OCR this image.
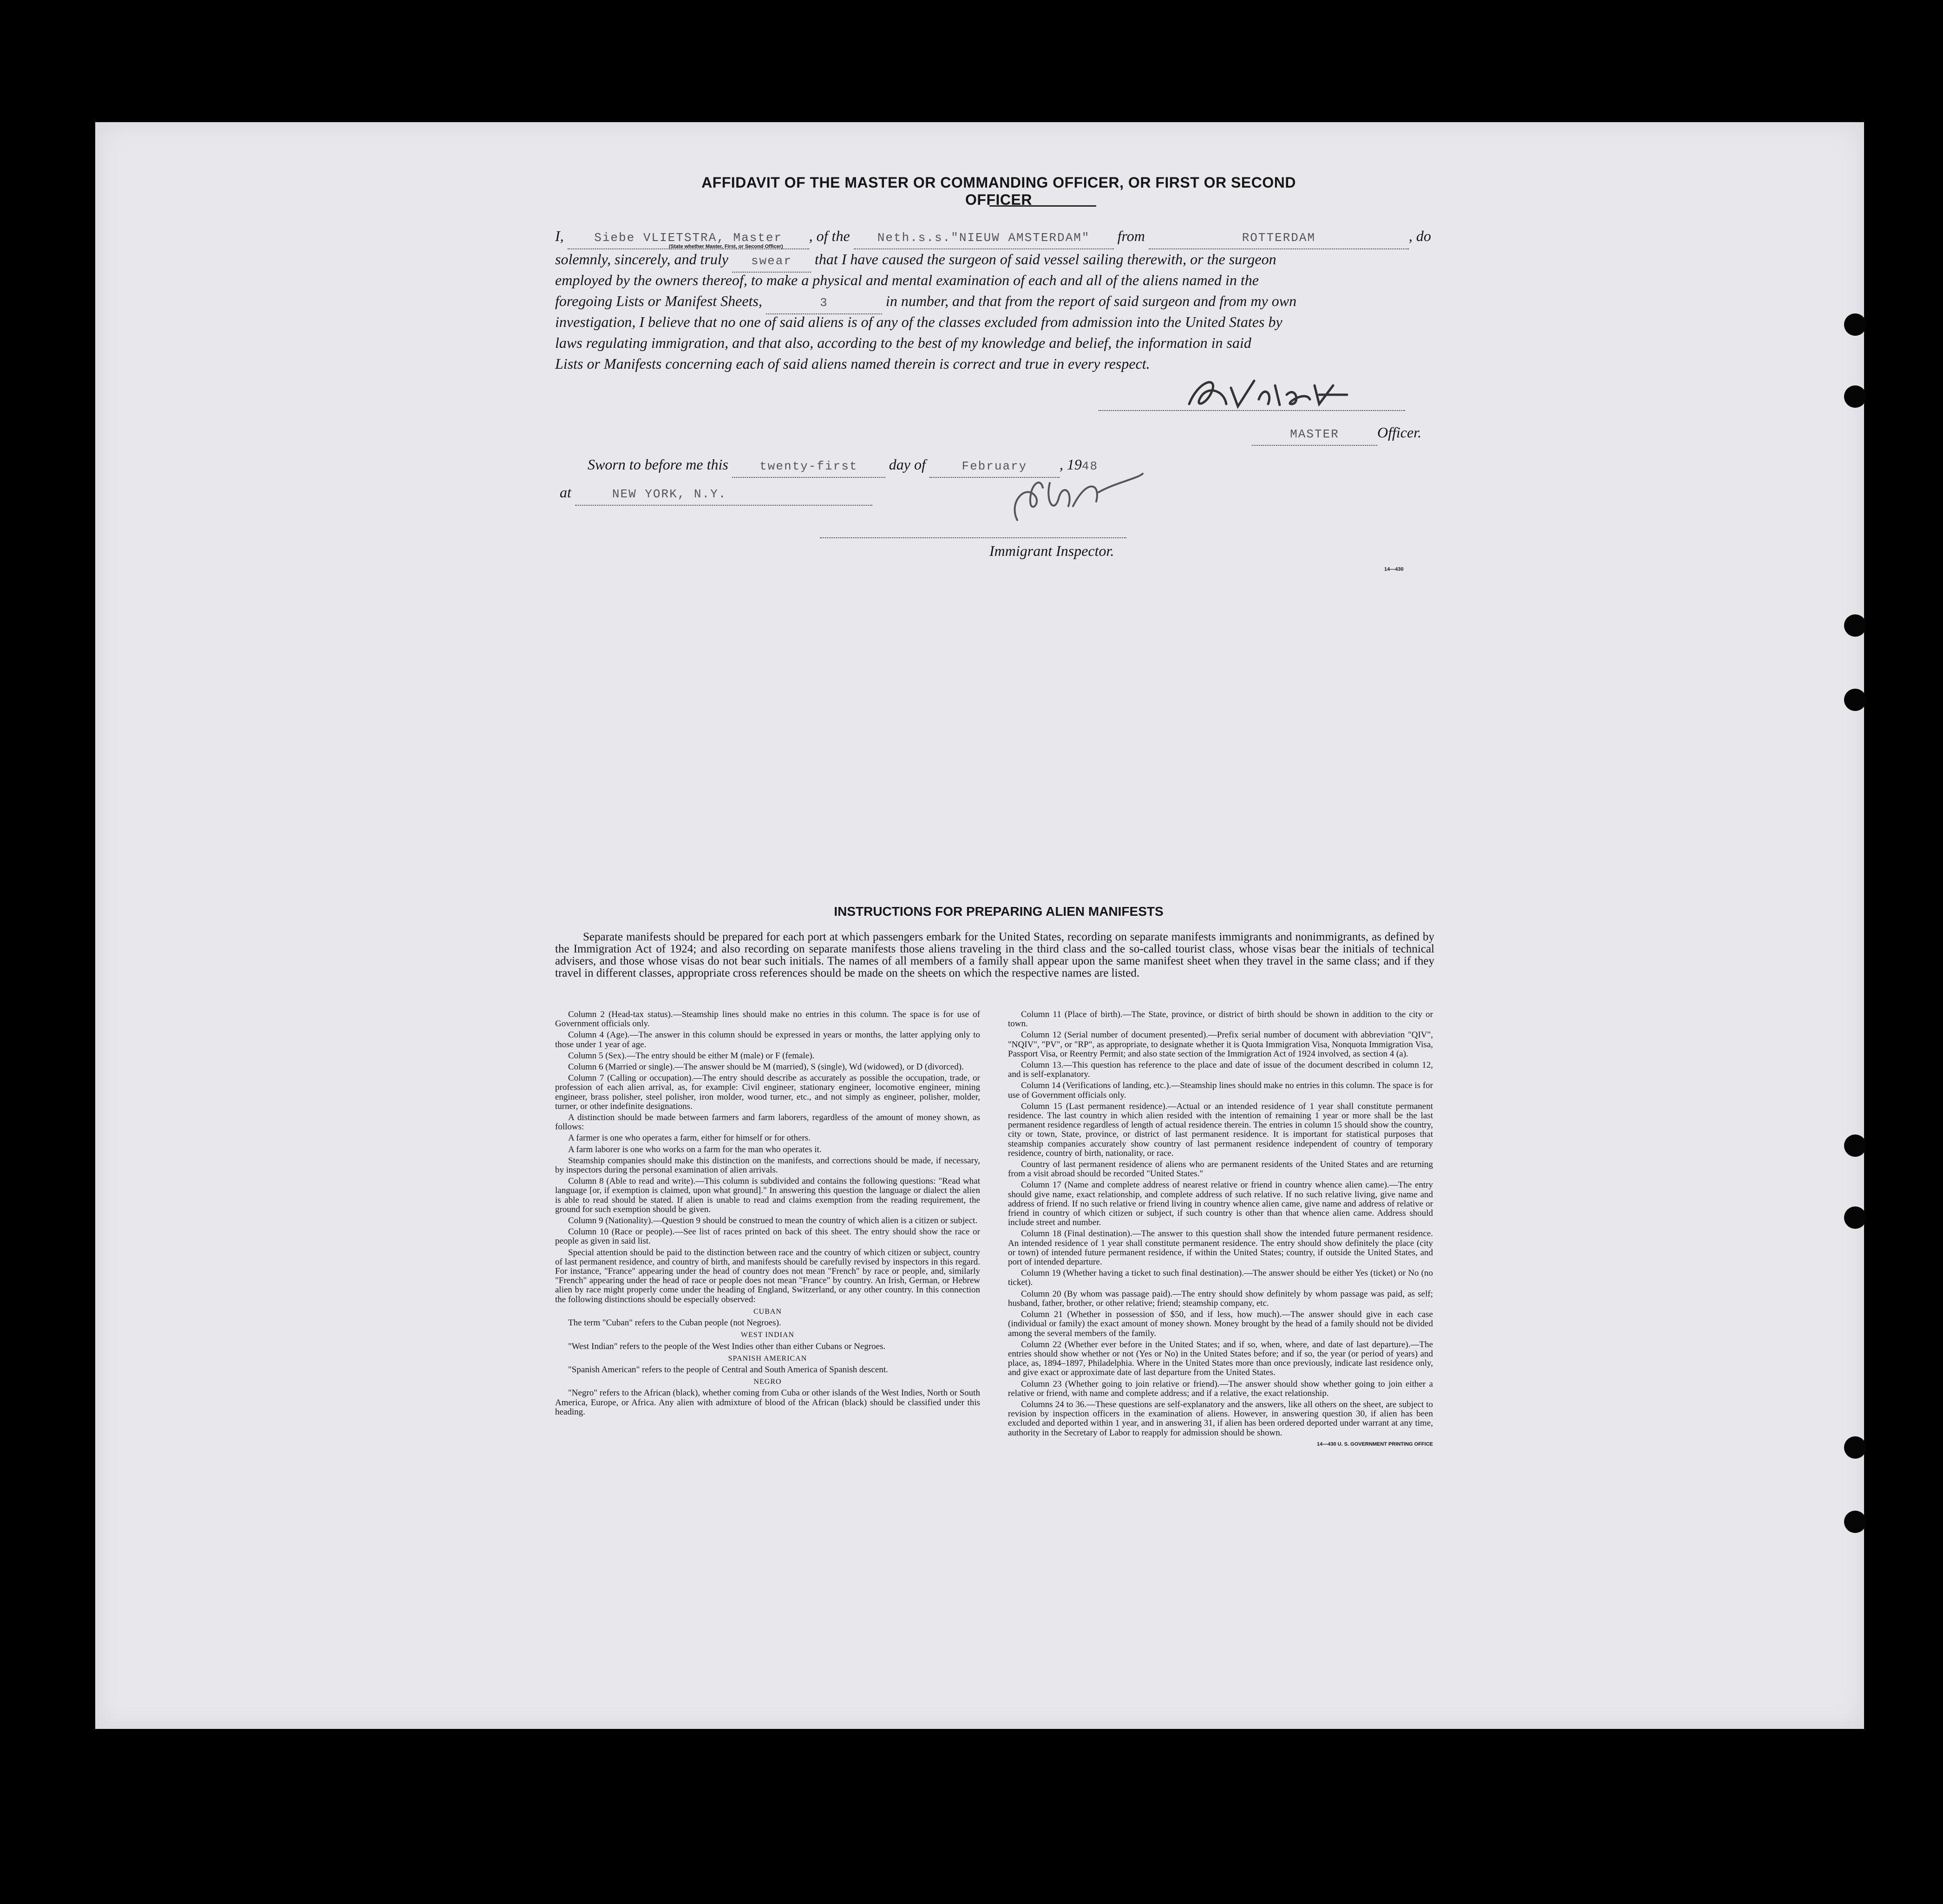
AFFIDAVIT OF THE MASTER OR COMMANDING OFFICER, OR FIRST OR SECOND OFFICER
I,	Siebe VLIETSTRA, Master , of the Neth.s.s."NIEUW AMSTERDAM" from	ROTTERDAM	, do
(State whether Master, First, or Second Officer)
solemnly, sincerely, and truly swear that I have caused the surgeon of said vessel sailing therewith, or the surgeon
employed by the owners thereof, to make a physical and mental examination of each and all of the aliens named in the
foregoing Lists or Manifest Sheets,	3	in number, and that from the report of said surgeon and from my own
investigation, I believe that no one of said aliens is of any of the classes excluded from admission into the United States by
laws regulating immigration, and that also, according to the best of my knowledge and belief, the information in said
Lists or Manifests concerning each of said aliens named therein is correct and true in every respect.
MASTER	Officer.
Sworn to before me this	twenty-first day of	February , 1948
at	NEW YORK, N.Y.
Immigrant Inspector.
14—430
INSTRUCTIONS FOR PREPARING ALIEN MANIFESTS
Separate manifests should be prepared for each port at which passengers embark for the United States, recording on separate manifests immigrants and nonimmigrants, as defined by the Immigration Act of 1924; and also recording on separate manifests those aliens traveling in the third class and the so-called tourist class, whose visas bear the initials of technical advisers, and those whose visas do not bear such initials. The names of all members of a family shall appear upon the same manifest sheet when they travel in the same class; and if they travel in different classes, appropriate cross references should be made on the sheets on which the respective names are listed.

Column 2 (Head-tax status).—Steamship lines should make no entries in this column. The space is for use of Government officials only.

Column 4 (Age).—The answer in this column should be expressed in years or months, the latter applying only to those under 1 year of age.

Column 5 (Sex).—The entry should be either M (male) or F (female).

Column 6 (Married or single).—The answer should be M (married), S (single), Wd (widowed), or D (divorced).

Column 7 (Calling or occupation).—The entry should describe as accurately as possible the occupation, trade, or profession of each alien arrival, as, for example: Civil engineer, stationary engineer, locomotive engineer, mining engineer, brass polisher, steel polisher, iron molder, wood turner, etc., and not simply as engineer, polisher, molder, turner, or other indefinite designations.

A distinction should be made between farmers and farm laborers, regardless of the amount of money shown, as follows:

A farmer is one who operates a farm, either for himself or for others.

A farm laborer is one who works on a farm for the man who operates it.

Steamship companies should make this distinction on the manifests, and corrections should be made, if necessary, by inspectors during the personal examination of alien arrivals.

Column 8 (Able to read and write).—This column is subdivided and contains the following questions: "Read what language [or, if exemption is claimed, upon what ground]." In answering this question the language or dialect the alien is able to read should be stated. If alien is unable to read and claims exemption from the reading requirement, the ground for such exemption should be given.

Column 9 (Nationality).—Question 9 should be construed to mean the country of which alien is a citizen or subject.

Column 10 (Race or people).—See list of races printed on back of this sheet. The entry should show the race or people as given in said list.

Special attention should be paid to the distinction between race and the country of which citizen or subject, country of last permanent residence, and country of birth, and manifests should be carefully revised by inspectors in this regard. For instance, "France" appearing under the head of country does not mean "French" by race or people, and, similarly "French" appearing under the head of race or people does not mean "France" by country. An Irish, German, or Hebrew alien by race might properly come under the heading of England, Switzerland, or any other country. In this connection the following distinctions should be especially observed:

CUBAN

The term "Cuban" refers to the Cuban people (not Negroes).

WEST INDIAN

"West Indian" refers to the people of the West Indies other than either Cubans or Negroes.

SPANISH AMERICAN

"Spanish American" refers to the people of Central and South America of Spanish descent.

NEGRO

"Negro" refers to the African (black), whether coming from Cuba or other islands of the West Indies, North or South America, Europe, or Africa. Any alien with admixture of blood of the African (black) should be classified under this heading.

Column 11 (Place of birth).—The State, province, or district of birth should be shown in addition to the city or town.

Column 12 (Serial number of document presented).—Prefix serial number of document with abbreviation "QIV", "NQIV", "PV", or "RP", as appropriate, to designate whether it is Quota Immigration Visa, Nonquota Immigration Visa, Passport Visa, or Reentry Permit; and also state section of the Immigration Act of 1924 involved, as section 4 (a).

Column 13.—This question has reference to the place and date of issue of the document described in column 12, and is self-explanatory.

Column 14 (Verifications of landing, etc.).—Steamship lines should make no entries in this column. The space is for use of Government officials only.

Column 15 (Last permanent residence).—Actual or an intended residence of 1 year shall constitute permanent residence. The last country in which alien resided with the intention of remaining 1 year or more shall be the last permanent residence regardless of length of actual residence therein. The entries in column 15 should show the country, city or town, State, province, or district of last permanent residence. It is important for statistical purposes that steamship companies accurately show country of last permanent residence independent of country of temporary residence, country of birth, nationality, or race.

Country of last permanent residence of aliens who are permanent residents of the United States and are returning from a visit abroad should be recorded "United States."

Column 17 (Name and complete address of nearest relative or friend in country whence alien came).—The entry should give name, exact relationship, and complete address of such relative. If no such relative living, give name and address of friend. If no such relative or friend living in country whence alien came, give name and address of relative or friend in country of which citizen or subject, if such country is other than that whence alien came. Address should include street and number.

Column 18 (Final destination).—The answer to this question shall show the intended future permanent residence. An intended residence of 1 year shall constitute permanent residence. The entry should show definitely the place (city or town) of intended future permanent residence, if within the United States; country, if outside the United States, and port of intended departure.

Column 19 (Whether having a ticket to such final destination).—The answer should be either Yes (ticket) or No (no ticket).

Column 20 (By whom was passage paid).—The entry should show definitely by whom passage was paid, as self; husband, father, brother, or other relative; friend; steamship company, etc.

Column 21 (Whether in possession of $50, and if less, how much).—The answer should give in each case (individual or family) the exact amount of money shown. Money brought by the head of a family should not be divided among the several members of the family.

Column 22 (Whether ever before in the United States; and if so, when, where, and date of last departure).—The entries should show whether or not (Yes or No) in the United States before; and if so, the year (or period of years) and place, as, 1894–1897, Philadelphia. Where in the United States more than once previously, indicate last residence only, and give exact or approximate date of last departure from the United States.

Column 23 (Whether going to join relative or friend).—The answer should show whether going to join either a relative or friend, with name and complete address; and if a relative, the exact relationship.

Columns 24 to 36.—These questions are self-explanatory and the answers, like all others on the sheet, are subject to revision by inspection officers in the examination of aliens. However, in answering question 30, if alien has been excluded and deported within 1 year, and in answering 31, if alien has been ordered deported under warrant at any time, authority in the Secretary of Labor to reapply for admission should be shown.

14—430 U. S. GOVERNMENT PRINTING OFFICE
